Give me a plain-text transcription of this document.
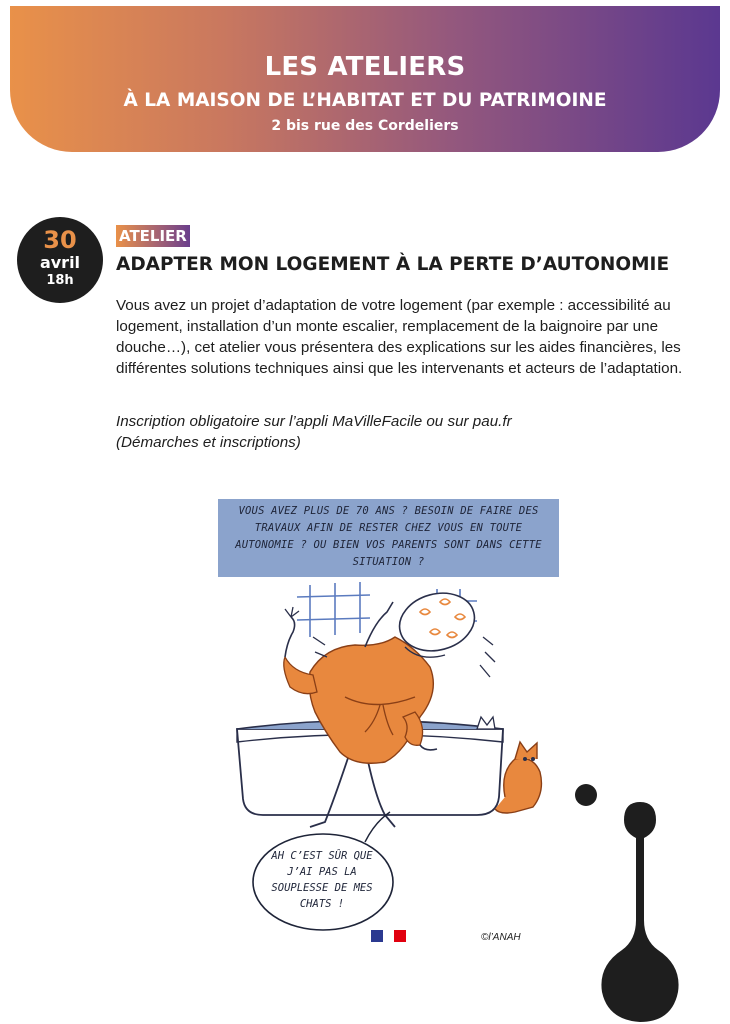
LES ATELIERS
À LA MAISON DE L’HABITAT ET DU PATRIMOINE
2 bis rue des Cordeliers
30
avril
18h
ATELIER
ADAPTER MON LOGEMENT À LA PERTE D’AUTONOMIE
Vous avez un projet d’adaptation de votre logement (par exemple : accessibilité au logement, installation d’un monte escalier, remplacement de la baignoire par une douche…), cet atelier vous présentera des explications sur les aides financières, les différentes solutions techniques ainsi que les intervenants et acteurs de l’adaptation.
Inscription obligatoire sur l’appli MaVilleFacile ou sur pau.fr
(Démarches et inscriptions)
VOUS AVEZ PLUS DE 70 ANS ? BESOIN DE FAIRE DES TRAVAUX AFIN DE RESTER CHEZ VOUS EN TOUTE AUTONOMIE ? OU BIEN VOS PARENTS SONT DANS CETTE SITUATION ?
AH C’EST SÛR QUE J’AI PAS LA SOUPLESSE DE MES CHATS !
©l’ANAH
